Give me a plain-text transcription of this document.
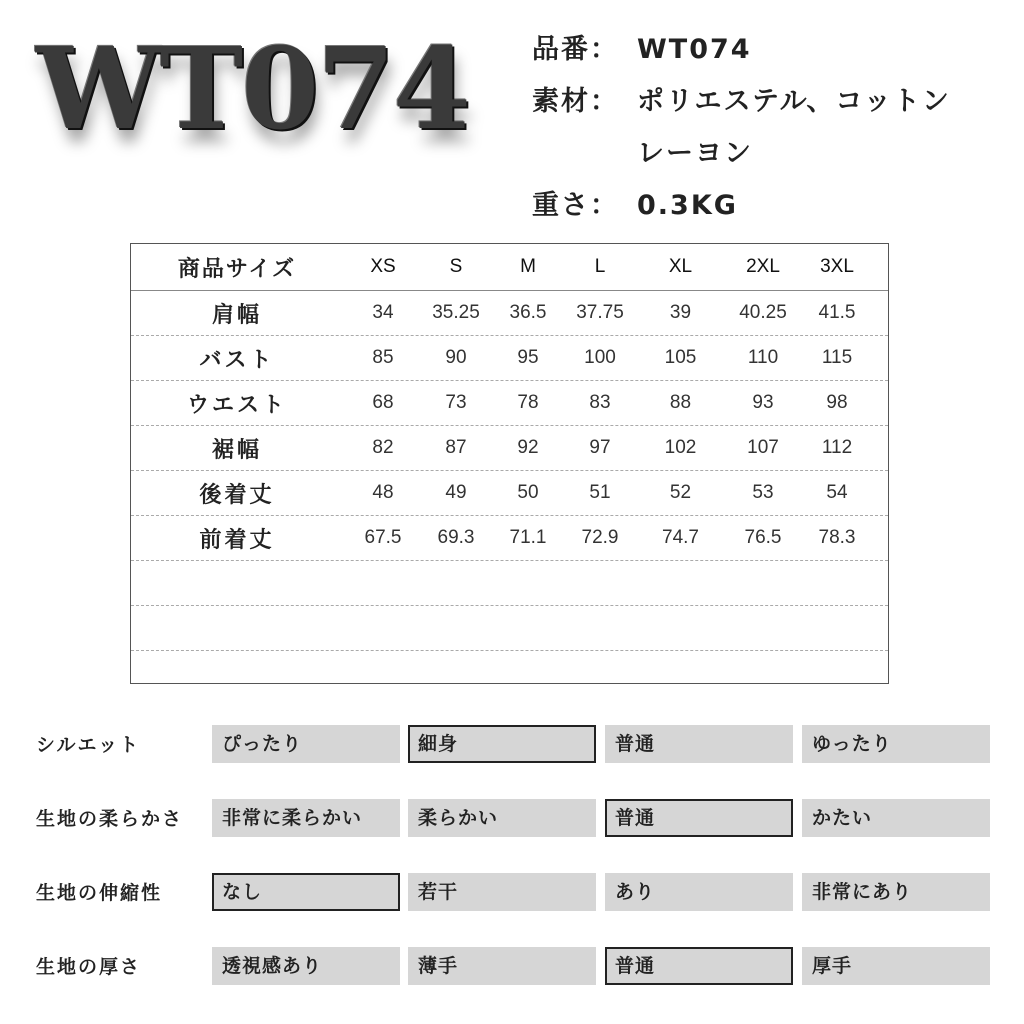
WT074 品番： WT074
素材： ポリエステル、コットン
レーヨン
重さ： 0.3KG
商品サイズ	XS	S	M	L	XL	2XL	3XL
肩幅	34	35.25	36.5	37.75	39	40.25	41.5
バスト	85	90	95	100	105	110	115
ウエスト	68	73	78	83	88	93	98
裾幅	82	87	92	97	102	107	112
後着丈	48	49	50	51	52	53	54
前着丈	67.5	69.3	71.1	72.9	74.7	76.5	78.3
シルエット	ぴったり	細身	普通	ゆったり
生地の柔らかさ	非常に柔らかい	柔らかい	普通	かたい
生地の伸縮性	なし	若干	あり	非常にあり
生地の厚さ	透視感あり	薄手	普通	厚手
